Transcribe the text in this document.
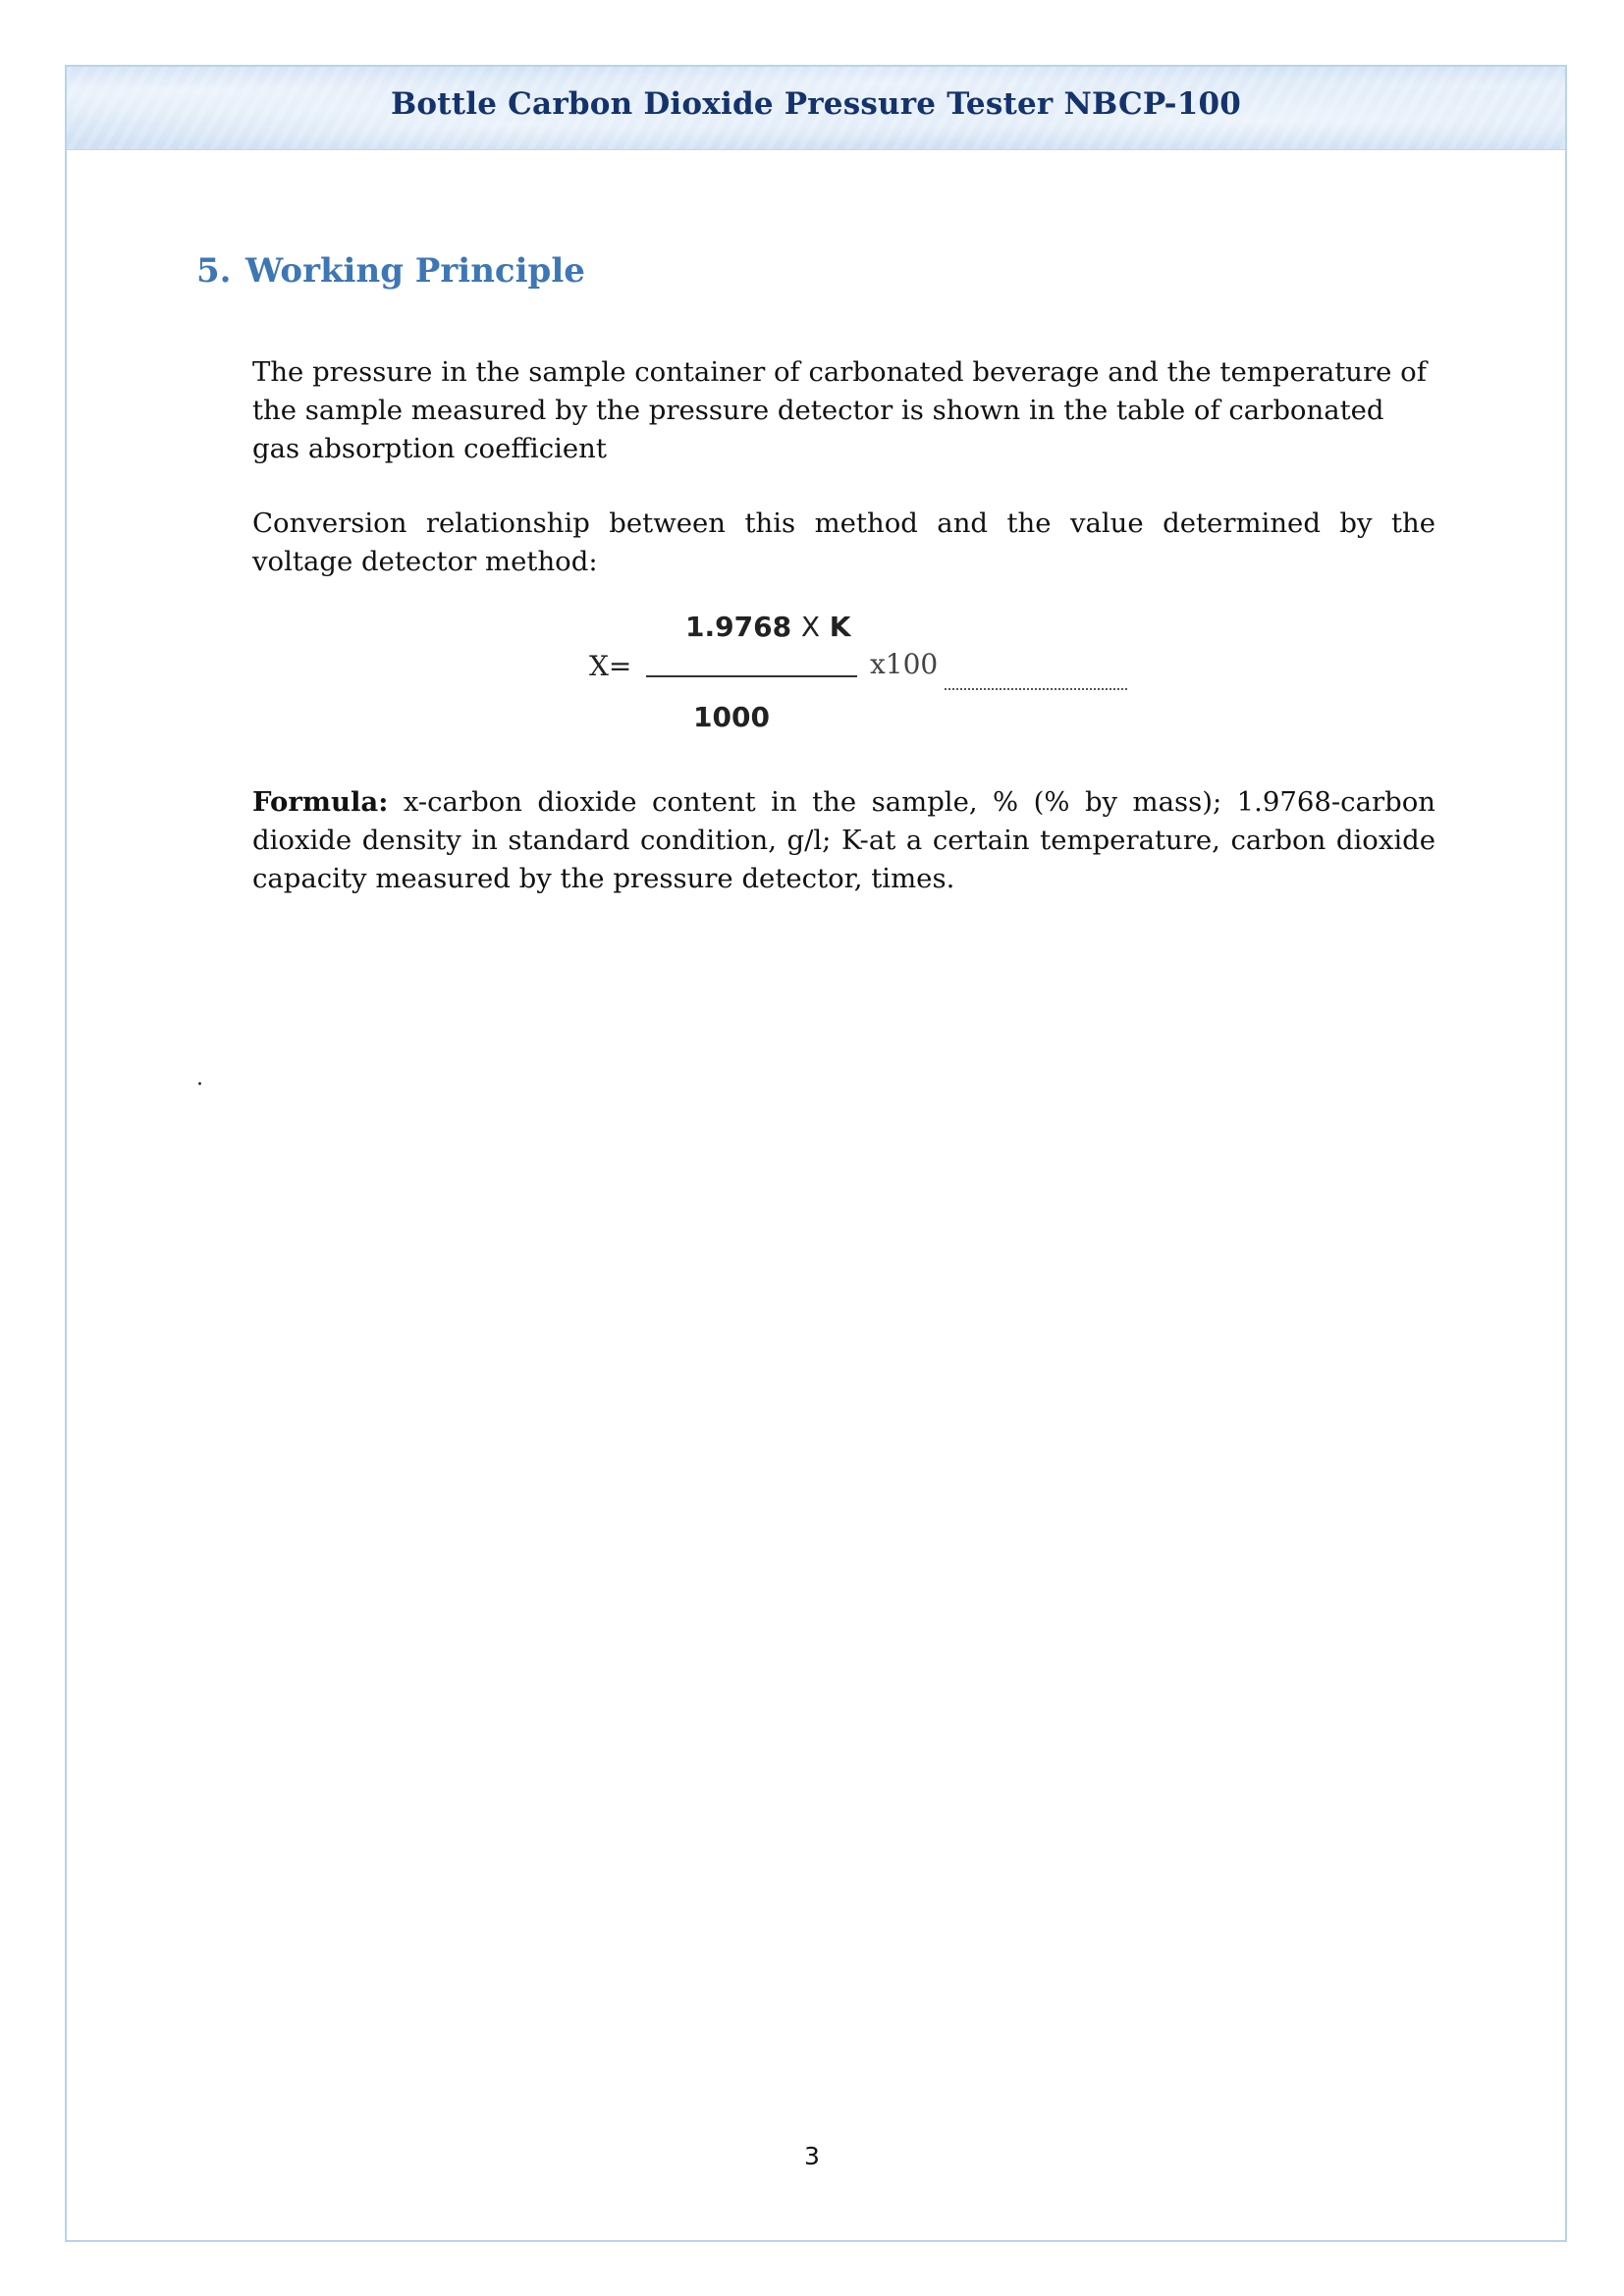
Bottle Carbon Dioxide Pressure Tester NBCP-100
5. Working Principle

The pressure in the sample container of carbonated beverage and the temperature of the sample measured by the pressure detector is shown in the table of carbonated gas absorption coefficient

Conversion relationship between this method and the value determined by the voltage detector method:

1.9768 X K
X=	x100
1000

Formula: x-carbon dioxide content in the sample, % (% by mass); 1.9768-carbon dioxide density in standard condition, g/l; K-at a certain temperature, carbon dioxide capacity measured by the pressure detector, times.

.
3
